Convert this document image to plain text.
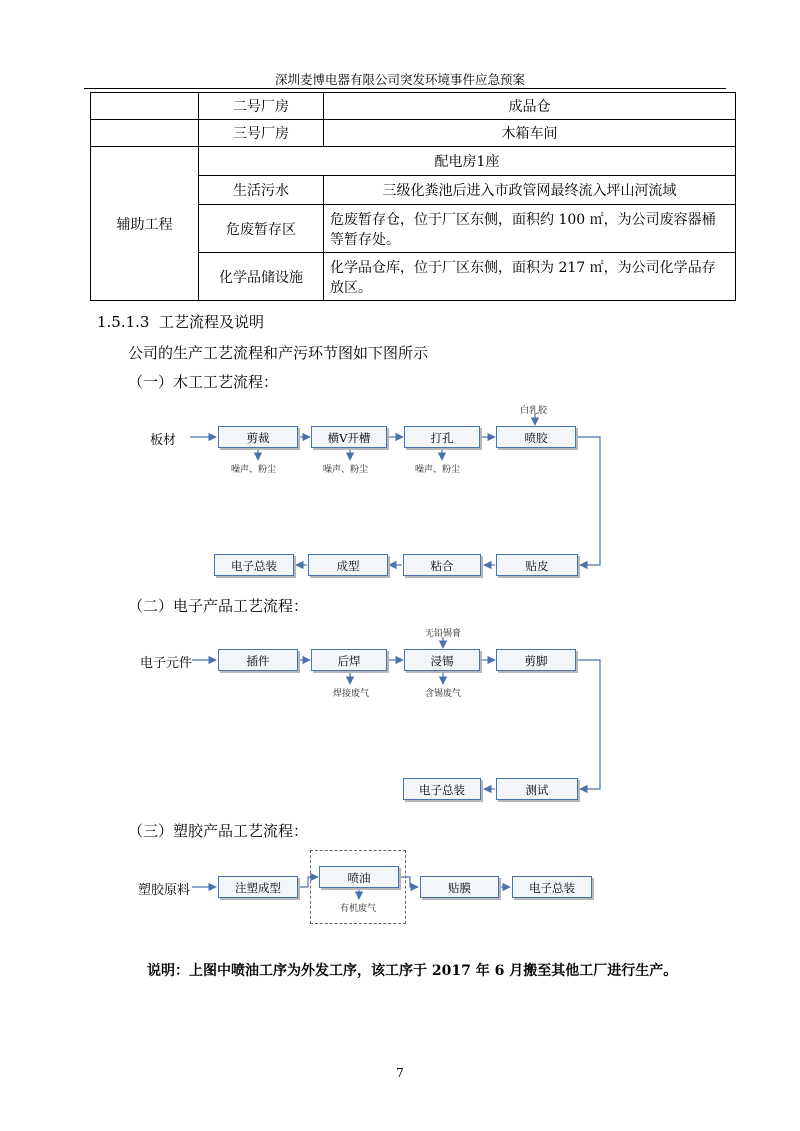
深圳麦博电器有限公司突发环境事件应急预案
	二号厂房	成品仓
	三号厂房	木箱车间
辅助工程	配电房1座	
	生活污水	三级化粪池后进入市政管网最终流入坪山河流域
	危废暂存区	危废暂存仓，位于厂区东侧，面积约 100 ㎡，为公司废容器桶等暂存处。
	化学品储设施	化学品仓库，位于厂区东侧，面积为 217 ㎡，为公司化学品存放区。
1.5.1.3 工艺流程及说明
公司的生产工艺流程和产污环节图如下图所示
（一）木工工艺流程：
板材	剪裁	横V开槽	打孔	喷胶
贴皮
粘合
成型
电子总装
白乳胶
噪声、粉尘	噪声、粉尘	噪声、粉尘
（二）电子产品工艺流程：
电子元件	插件	后焊	浸锡	剪脚
测试
电子总装
无铅锡膏
焊接废气	含锡废气
（三）塑胶产品工艺流程：
塑胶原料	注塑成型
喷油
贴膜	电子总装
有机废气
说明：上图中喷油工序为外发工序，该工序于 2017 年 6 月搬至其他工厂进行生产。
7
